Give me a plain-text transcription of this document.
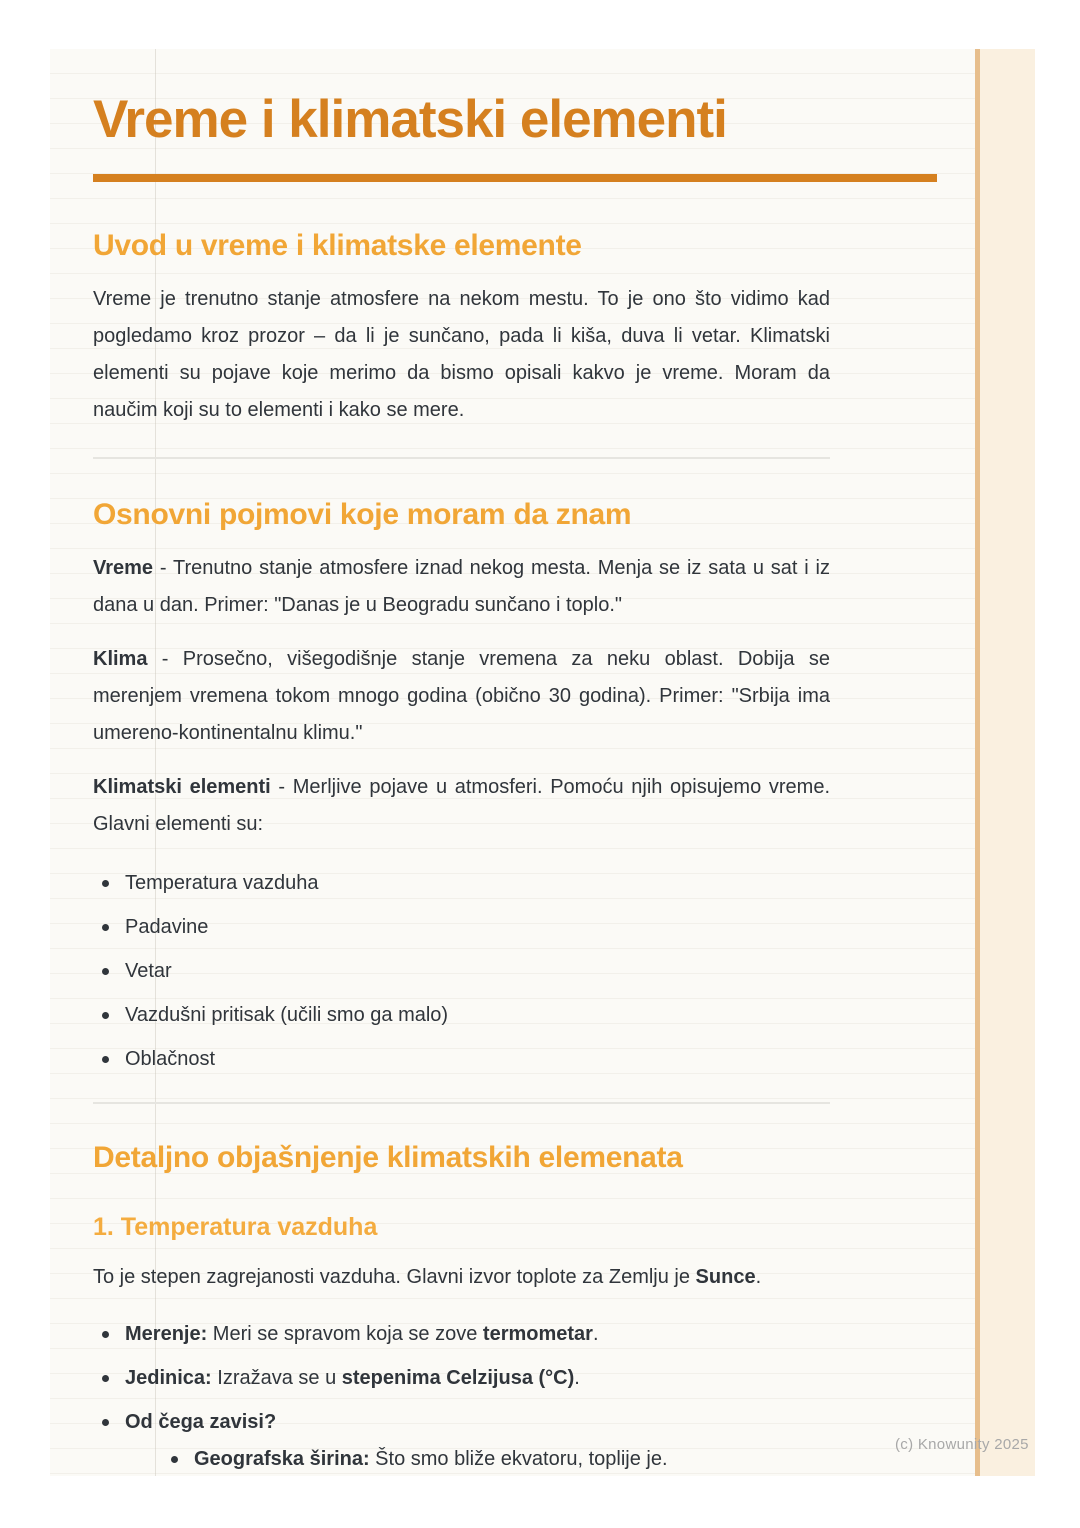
Vreme i klimatski elementi
Uvod u vreme i klimatske elemente

Vreme je trenutno stanje atmosfere na nekom mestu. To je ono što vidimo kad pogledamo kroz prozor – da li je sunčano, pada li kiša, duva li vetar. Klimatski elementi su pojave koje merimo da bismo opisali kakvo je vreme. Moram da naučim koji su to elementi i kako se mere.

Osnovni pojmovi koje moram da znam

Vreme - Trenutno stanje atmosfere iznad nekog mesta. Menja se iz sata u sat i iz dana u dan. Primer: "Danas je u Beogradu sunčano i toplo."

Klima - Prosečno, višegodišnje stanje vremena za neku oblast. Dobija se merenjem vremena tokom mnogo godina (obično 30 godina). Primer: "Srbija ima umereno-kontinentalnu klimu."

Klimatski elementi - Merljive pojave u atmosferi. Pomoću njih opisujemo vreme. Glavni elementi su:

Temperatura vazduha
Padavine
Vetar
Vazdušni pritisak (učili smo ga malo)
Oblačnost
Detaljno objašnjenje klimatskih elemenata
1. Temperatura vazduha

To je stepen zagrejanosti vazduha. Glavni izvor toplote za Zemlju je Sunce.

Merenje: Meri se spravom koja se zove termometar.
Jedinica: Izražava se u stepenima Celzijusa (°C).
Od čega zavisi?
Geografska širina: Što smo bliže ekvatoru, toplije je.
(c) Knowunity 2025
